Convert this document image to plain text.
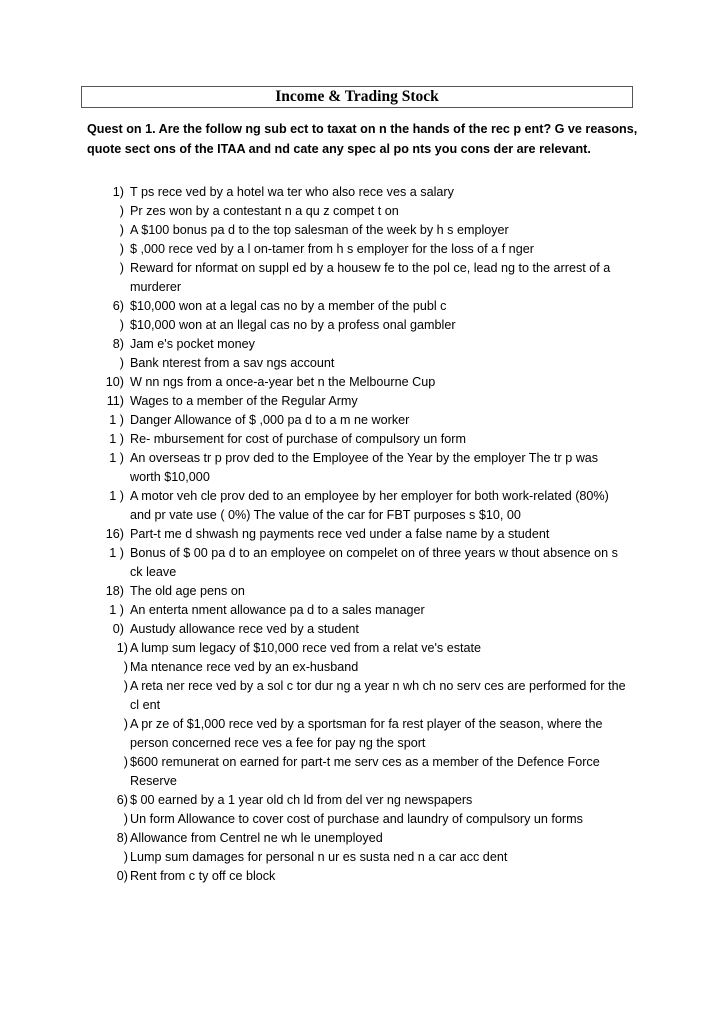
Income & Trading Stock
Quest on 1. Are the follow ng sub ect to taxat on n the hands of the rec p ent? G ve reasons, quote sect ons of the ITAA and nd cate any spec al po nts you cons der are relevant.
1) T ps rece ved by a hotel wa ter who also rece ves a salary
) Pr zes won by a contestant n a qu z compet t on
) A $100 bonus pa d to the top salesman of the week by h s employer
) $ ,000 rece ved by a l on-tamer from h s employer for the loss of a f nger
) Reward for nformat on suppl ed by a housew fe to the pol ce, lead ng to the arrest of a murderer
6) $10,000 won at a legal cas no by a member of the publ c
) $10,000 won at an llegal cas no by a profess onal gambler
8) Jam e's pocket money
) Bank nterest from a sav ngs account
10) W nn ngs from a once-a-year bet n the Melbourne Cup
11) Wages to a member of the Regular Army
1 ) Danger Allowance of $ ,000 pa d to a m ne worker
1 ) Re- mbursement for cost of purchase of compulsory un form
1 ) An overseas tr p prov ded to the Employee of the Year by the employer The tr p was worth $10,000
1 ) A motor veh cle prov ded to an employee by her employer for both work-related (80%) and pr vate use ( 0%) The value of the car for FBT purposes s $10, 00
16) Part-t me d shwash ng payments rece ved under a false name by a student
1 ) Bonus of $ 00 pa d to an employee on compelet on of three years w thout absence on s ck leave
18) The old age pens on
1 ) An enterta nment allowance pa d to a sales manager
0) Austudy allowance rece ved by a student
1) A lump sum legacy of $10,000 rece ved from a relat ve's estate
) Ma ntenance rece ved by an ex-husband
) A reta ner rece ved by a sol c tor dur ng a year n wh ch no serv ces are performed for the cl ent
) A pr ze of $1,000 rece ved by a sportsman for fa rest player of the season, where the person concerned rece ves a fee for pay ng the sport
) $600 remunerat on earned for part-t me serv ces as a member of the Defence Force Reserve
6) $ 00 earned by a 1 year old ch ld from del ver ng newspapers
) Un form Allowance to cover cost of purchase and laundry of compulsory un forms
8) Allowance from Centrel ne wh le unemployed
) Lump sum damages for personal n ur es susta ned n a car acc dent
0) Rent from c ty off ce block
